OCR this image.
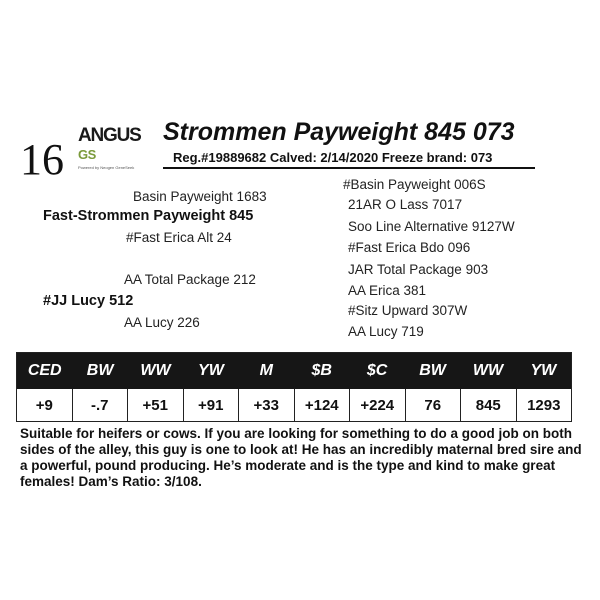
16 ANGUSGS
Powered by Neogen GeneSeek
Strommen Payweight 845 073
Reg.#19889682 Calved: 2/14/2020 Freeze brand: 073
Basin Payweight 1683
Fast-Strommen Payweight 845
#Fast Erica Alt 24
AA Total Package 212
#JJ Lucy 512
AA Lucy 226
#Basin Payweight 006S
21AR O Lass 7017
Soo Line Alternative 9127W
#Fast Erica Bdo 096
JAR Total Package 903
AA Erica 381
#Sitz Upward 307W
AA Lucy 719
CED	BW	WW	YW	M	$B	$C	BW	WW	YW
+9	-.7	+51	+91	+33	+124	+224	76	845	1293
Suitable for heifers or cows. If you are looking for something to do a good job on both sides of the alley, this guy is one to look at! He has an incredibly maternal bred sire and a powerful, pound producing. He’s moderate and is the type and kind to make great females! Dam’s Ratio: 3/108.
